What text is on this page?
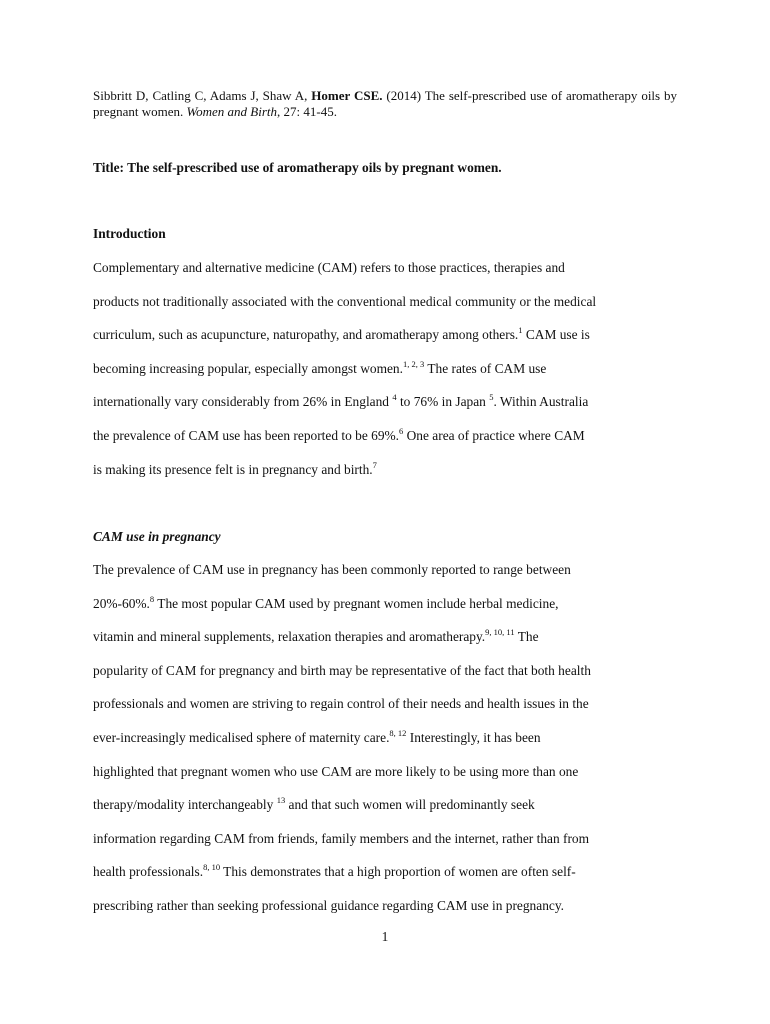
Sibbritt D, Catling C, Adams J, Shaw A, Homer CSE. (2014) The self-prescribed use of aromatherapy oils by pregnant women. Women and Birth, 27: 41-45.

Title: The self-prescribed use of aromatherapy oils by pregnant women.

Introduction

Complementary and alternative medicine (CAM) refers to those practices, therapies and
products not traditionally associated with the conventional medical community or the medical
curriculum, such as acupuncture, naturopathy, and aromatherapy among others.$^1$ CAM use is
becoming increasing popular, especially amongst women.$^{1, 2, 3}$ The rates of CAM use
internationally vary considerably from 26% in England $^4$ to 76% in Japan $^5$. Within Australia
the prevalence of CAM use has been reported to be 69%.$^6$ One area of practice where CAM
is making its presence felt is in pregnancy and birth.$^7$

CAM use in pregnancy

The prevalence of CAM use in pregnancy has been commonly reported to range between
20%-60%.$^8$ The most popular CAM used by pregnant women include herbal medicine,
vitamin and mineral supplements, relaxation therapies and aromatherapy.$^{9, 10, 11}$ The
popularity of CAM for pregnancy and birth may be representative of the fact that both health
professionals and women are striving to regain control of their needs and health issues in the
ever-increasingly medicalised sphere of maternity care.$^{8, 12}$ Interestingly, it has been
highlighted that pregnant women who use CAM are more likely to be using more than one
therapy/modality interchangeably $^{13}$ and that such women will predominantly seek
information regarding CAM from friends, family members and the internet, rather than from
health professionals.$^{8, 10}$ This demonstrates that a high proportion of women are often self-
prescribing rather than seeking professional guidance regarding CAM use in pregnancy.
1
